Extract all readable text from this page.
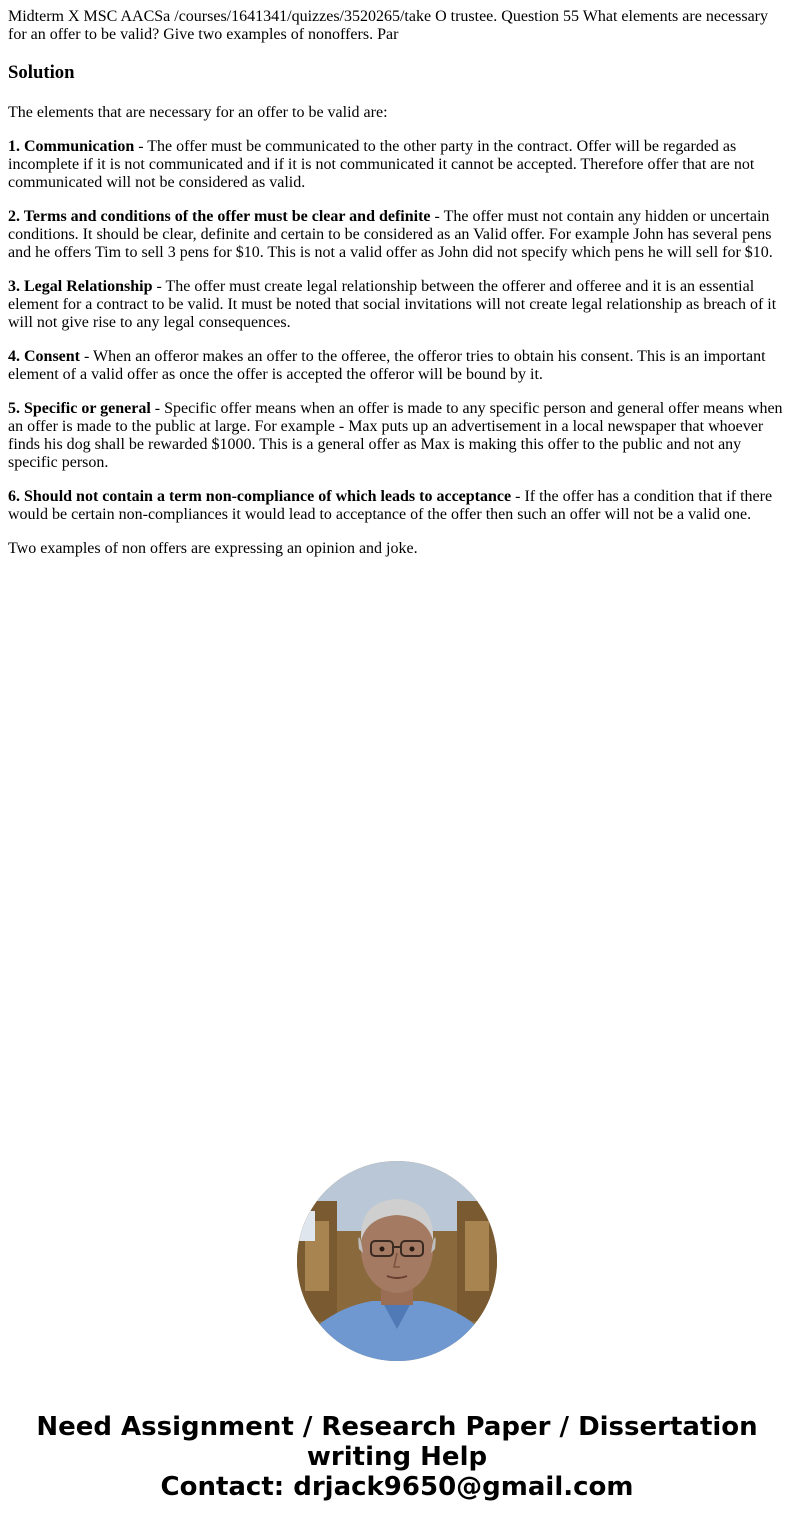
Midterm X MSC AACSa /courses/1641341/quizzes/3520265/take O trustee. Question 55 What elements are necessary for an offer to be valid? Give two examples of nonoffers. Par

Solution

The elements that are necessary for an offer to be valid are:

1. Communication - The offer must be communicated to the other party in the contract. Offer will be regarded as incomplete if it is not communicated and if it is not communicated it cannot be accepted. Therefore offer that are not communicated will not be considered as valid.

2. Terms and conditions of the offer must be clear and definite - The offer must not contain any hidden or uncertain conditions. It should be clear, definite and certain to be considered as an Valid offer. For example John has several pens and he offers Tim to sell 3 pens for $10. This is not a valid offer as John did not specify which pens he will sell for $10.

3. Legal Relationship - The offer must create legal relationship between the offerer and offeree and it is an essential element for a contract to be valid. It must be noted that social invitations will not create legal relationship as breach of it will not give rise to any legal consequences.

4. Consent - When an offeror makes an offer to the offeree, the offeror tries to obtain his consent. This is an important element of a valid offer as once the offer is accepted the offeror will be bound by it.

5. Specific or general - Specific offer means when an offer is made to any specific person and general offer means when an offer is made to the public at large. For example - Max puts up an advertisement in a local newspaper that whoever finds his dog shall be rewarded $1000. This is a general offer as Max is making this offer to the public and not any specific person.

6. Should not contain a term non-compliance of which leads to acceptance - If the offer has a condition that if there would be certain non-compliances it would lead to acceptance of the offer then such an offer will not be a valid one.

Two examples of non offers are expressing an opinion and joke.

Need Assignment / Research Paper / Dissertation writing Help
Contact: drjack9650@gmail.com
